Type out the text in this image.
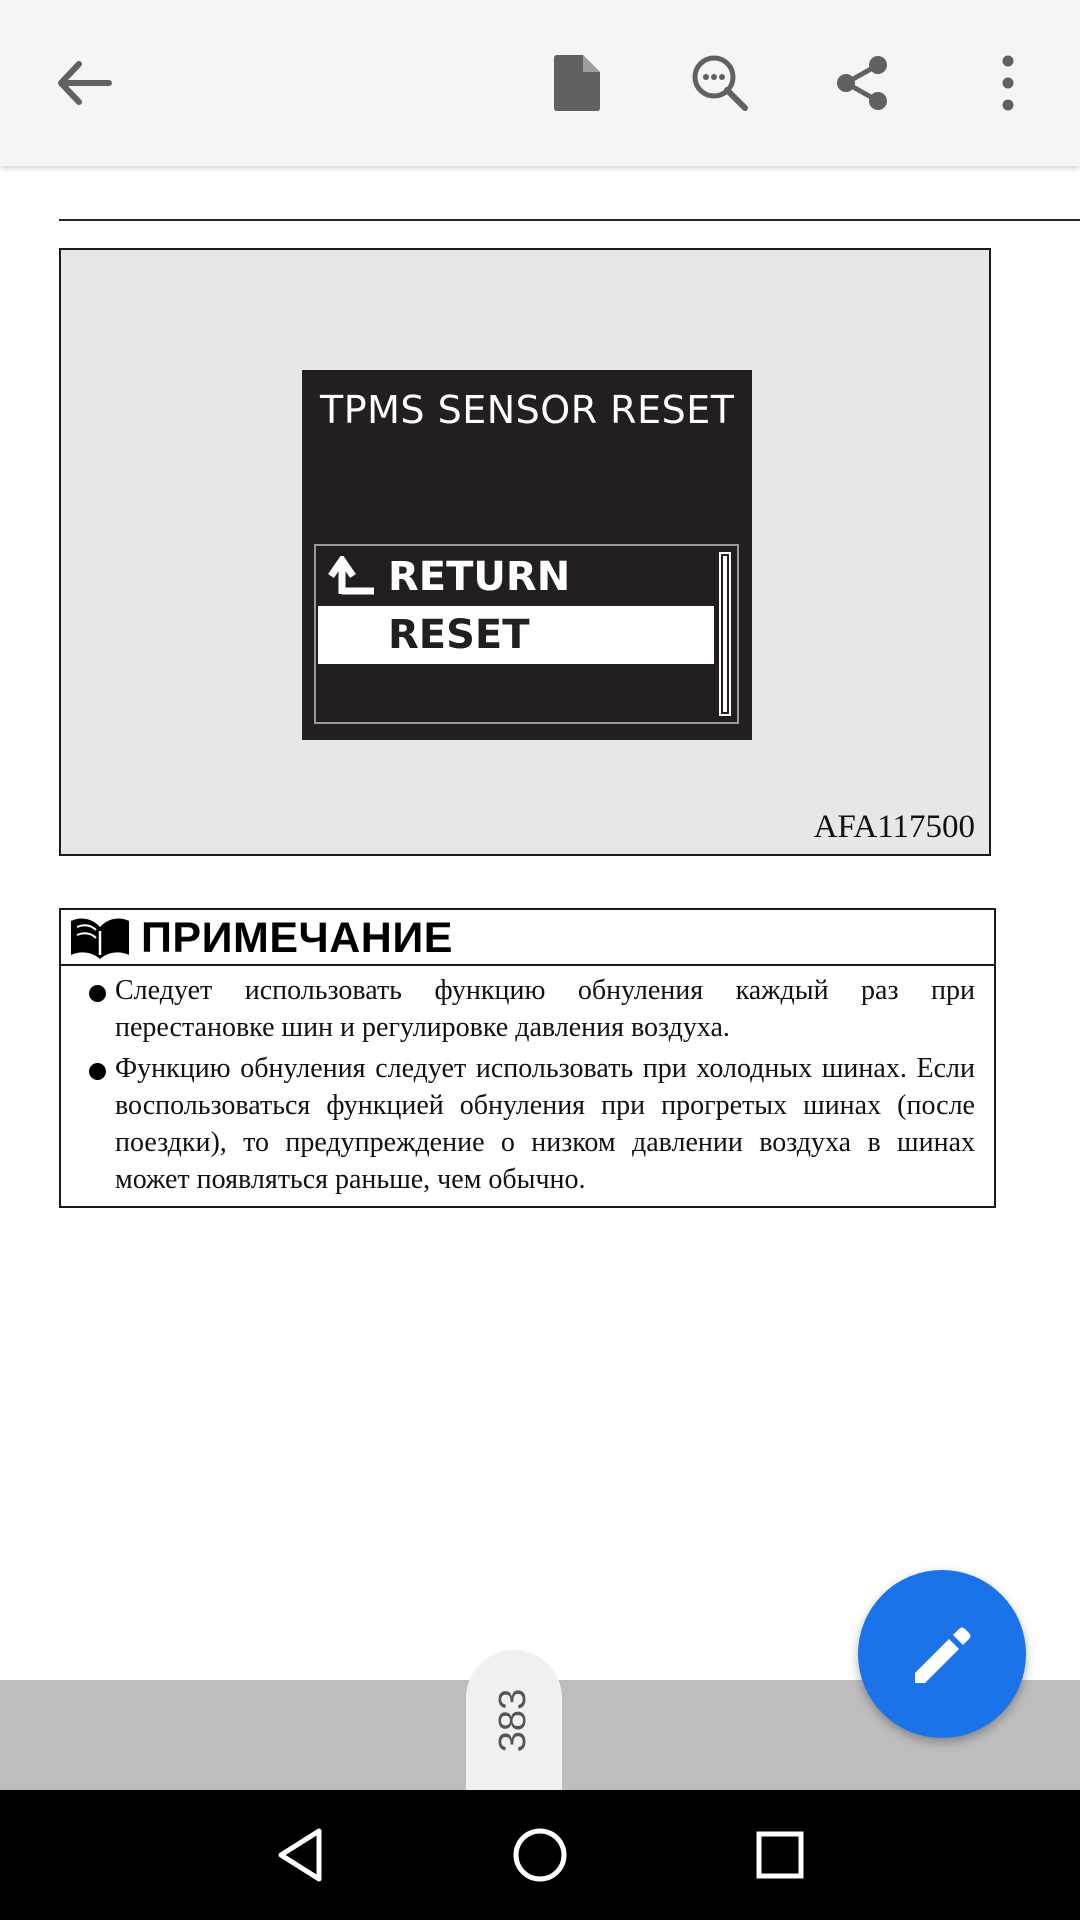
TPMS SENSOR RESET
RETURN
RESET
AFA117500
ПРИМЕЧАНИЕ
Следует использовать функцию обнуления каждый раз при перестановке шин и регулировке давления воздуха.
Функцию обнуления следует использовать при холодных шинах. Если воспользоваться функцией обнуления при прогретых шинах (после поездки), то предупреждение о низком давлении воздуха в шинах может появляться раньше, чем обычно.
383
